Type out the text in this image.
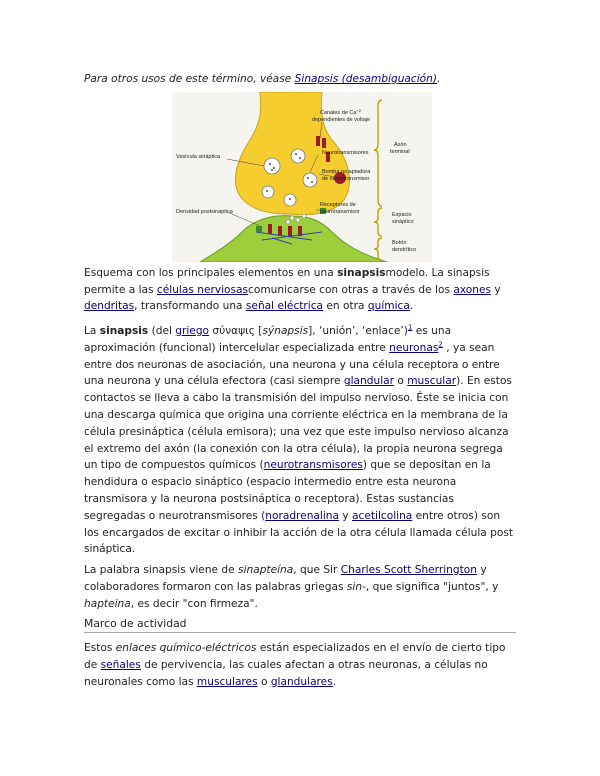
Para otros usos de este término, véase Sinapsis (desambiguación).
Canales de $Ca^{+2}$
dependientes de voltaje
Vesícula sináptica
Neurotransmisores
Bomba recaptadora
de neurotransmisor
Densidad postsináptica
Receptores de
neurotransmisor
Axón
terminal
Espacio
sináptico
Botón
dendrítico
Esquema con los principales elementos en una sinapsismodelo. La sinapsis permite a las células nerviosascomunicarse con otras a través de los axones y dendritas, transformando una señal eléctrica en otra química.
La sinapsis (del griego σύναψις [sýnapsis], ‘unión’, ‘enlace’)$^1$ es una aproximación (funcional) intercelular especializada entre neuronas$^2$ , ya sean entre dos neuronas de asociación, una neurona y una célula receptora o entre una neurona y una célula efectora (casi siempre glandular o muscular). En estos contactos se lleva a cabo la transmisión del impulso nervioso. Éste se inicia con una descarga química que origina una corriente eléctrica en la membrana de la célula presináptica (célula emisora); una vez que este impulso nervioso alcanza el extremo del axón (la conexión con la otra célula), la propia neurona segrega un tipo de compuestos químicos (neurotransmisores) que se depositan en la hendidura o espacio sináptico (espacio intermedio entre esta neurona transmisora y la neurona postsináptica o receptora). Estas sustancias segregadas o neurotransmisores (noradrenalina y acetilcolina entre otros) son los encargados de excitar o inhibir la acción de la otra célula llamada célula post sináptica.
La palabra sinapsis viene de sinapteína, que Sir Charles Scott Sherrington y colaboradores formaron con las palabras griegas sin-, que significa "juntos", y hapteina, es decir "con firmeza".
Marco de actividad
Estos enlaces químico-eléctricos están especializados en el envío de cierto tipo de señales de pervivencia, las cuales afectan a otras neuronas, a células no neuronales como las musculares o glandulares.
